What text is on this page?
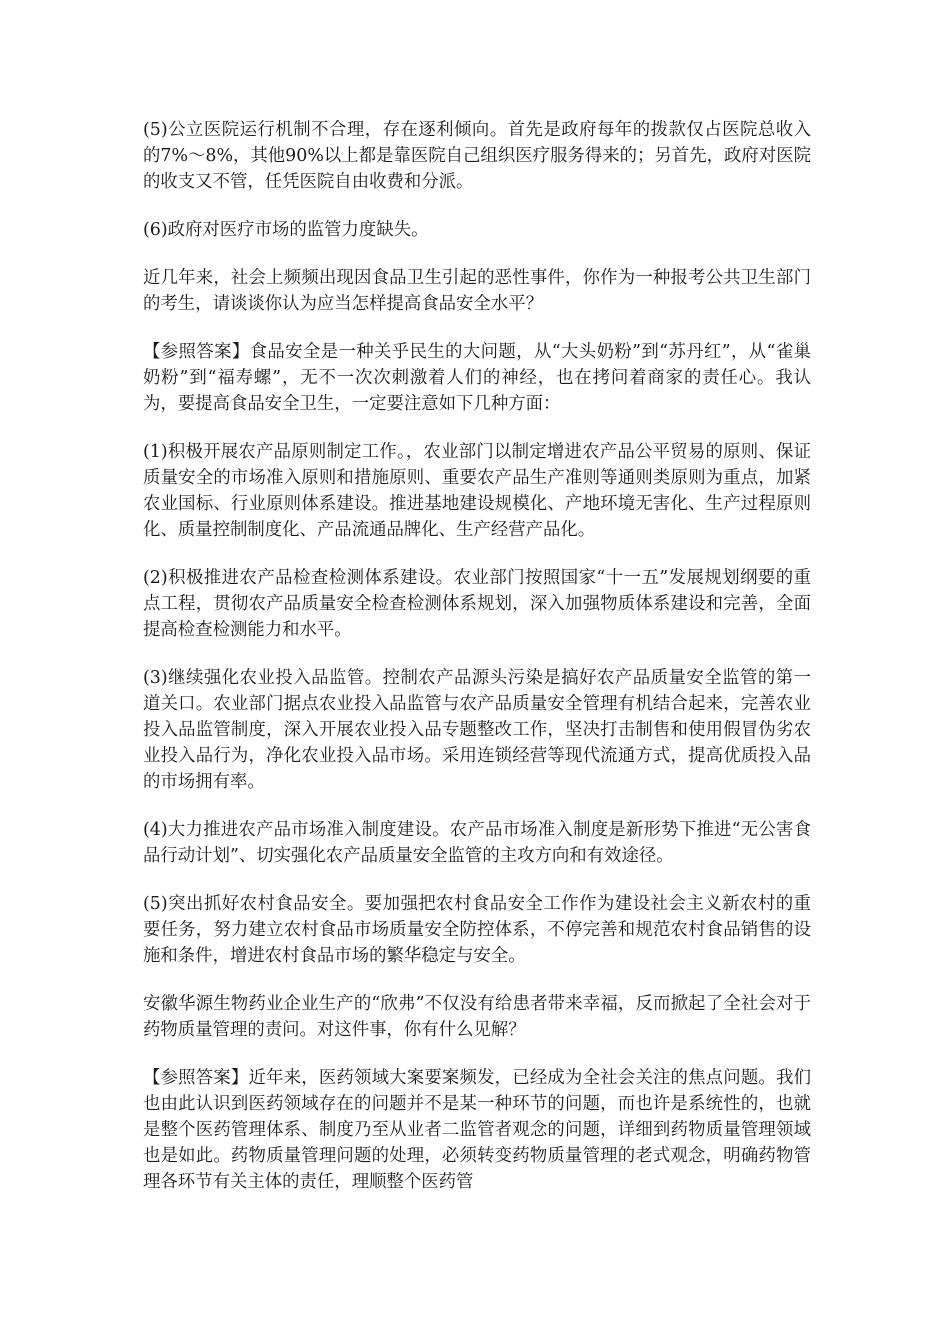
(5)公立医院运行机制不合理，存在逐利倾向。首先是政府每年的拨款仅占医院总收入的7%～8%，其他90%以上都是靠医院自己组织医疗服务得来的；另首先，政府对医院的收支又不管，任凭医院自由收费和分派。

(6)政府对医疗市场的监管力度缺失。

近几年来，社会上频频出现因食品卫生引起的恶性事件，你作为一种报考公共卫生部门的考生，请谈谈你认为应当怎样提高食品安全水平？

【参照答案】食品安全是一种关乎民生的大问题，从“大头奶粉”到“苏丹红”，从“雀巢奶粉”到“福寿螺”，无不一次次刺激着人们的神经，也在拷问着商家的责任心。我认为，要提高食品安全卫生，一定要注意如下几种方面：

(1)积极开展农产品原则制定工作。，农业部门以制定增进农产品公平贸易的原则、保证质量安全的市场准入原则和措施原则、重要农产品生产准则等通则类原则为重点，加紧农业国标、行业原则体系建设。推进基地建设规模化、产地环境无害化、生产过程原则化、质量控制制度化、产品流通品牌化、生产经营产品化。

(2)积极推进农产品检查检测体系建设。农业部门按照国家“十一五”发展规划纲要的重点工程，贯彻农产品质量安全检查检测体系规划，深入加强物质体系建设和完善，全面提高检查检测能力和水平。

(3)继续强化农业投入品监管。控制农产品源头污染是搞好农产品质量安全监管的第一道关口。农业部门据点农业投入品监管与农产品质量安全管理有机结合起来，完善农业投入品监管制度，深入开展农业投入品专题整改工作，坚决打击制售和使用假冒伪劣农业投入品行为，净化农业投入品市场。采用连锁经营等现代流通方式，提高优质投入品的市场拥有率。

(4)大力推进农产品市场准入制度建设。农产品市场准入制度是新形势下推进“无公害食品行动计划”、切实强化农产品质量安全监管的主攻方向和有效途径。

(5)突出抓好农村食品安全。要加强把农村食品安全工作作为建设社会主义新农村的重要任务，努力建立农村食品市场质量安全防控体系，不停完善和规范农村食品销售的设施和条件，增进农村食品市场的繁华稳定与安全。

安徽华源生物药业企业生产的“欣弗”不仅没有给患者带来幸福，反而掀起了全社会对于药物质量管理的责问。对这件事，你有什么见解？

【参照答案】近年来，医药领域大案要案频发，已经成为全社会关注的焦点问题。我们也由此认识到医药领域存在的问题并不是某一种环节的问题，而也许是系统性的，也就是整个医药管理体系、制度乃至从业者二监管者观念的问题，详细到药物质量管理领域也是如此。药物质量管理问题的处理，必须转变药物质量管理的老式观念，明确药物管理各环节有关主体的责任，理顺整个医药管
